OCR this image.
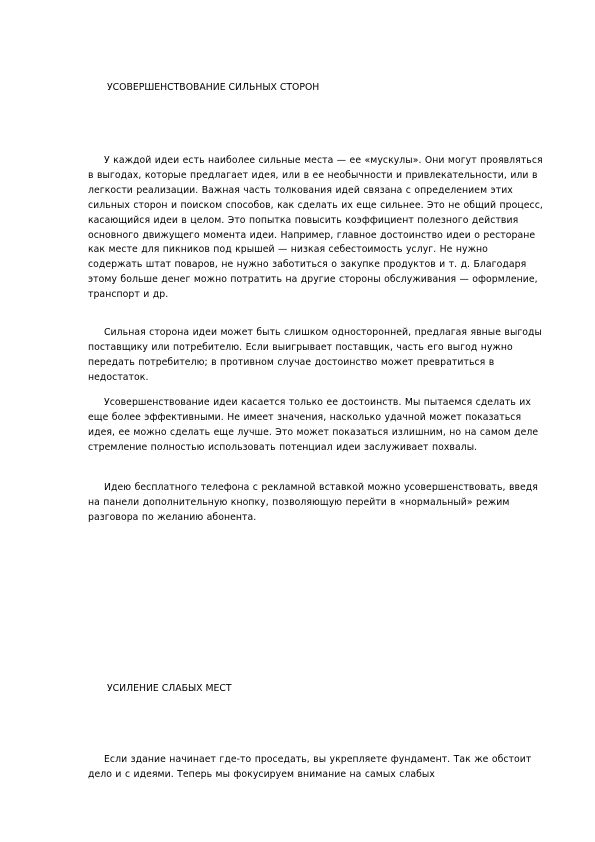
УСОВЕРШЕНСТВОВАНИЕ СИЛЬНЫХ СТОРОН

У каждой идеи есть наиболее сильные места — ее «мускулы». Они могут проявляться в выгодах, которые предлагает идея, или в ее необычности и привлекательности, или в легкости реализации. Важная часть толкования идей связана с определением этих сильных сторон и поиском способов, как сделать их еще сильнее. Это не общий процесс, касающийся идеи в целом. Это попытка повысить коэффициент полезного действия основного движущего момента идеи. Например, главное достоинство идеи о ресторане как месте для пикников под крышей — низкая себестоимость услуг. Не нужно содержать штат поваров, не нужно заботиться о закупке продуктов и т. д. Благодаря этому больше денег можно потратить на другие стороны обслуживания — оформление, транспорт и др.

Сильная сторона идеи может быть слишком односторонней, предлагая явные выгоды поставщику или потребителю. Если выигрывает поставщик, часть его выгод нужно передать потребителю; в противном случае достоинство может превратиться в недостаток.

Усовершенствование идеи касается только ее достоинств. Мы пытаемся сделать их еще более эффективными. Не имеет значения, насколько удачной может показаться идея, ее можно сделать еще лучше. Это может показаться излишним, но на самом деле стремление полностью использовать потенциал идеи заслуживает похвалы.

Идею бесплатного телефона с рекламной вставкой можно усовершенствовать, введя на панели дополнительную кнопку, позволяющую перейти в «нормальный» режим разговора по желанию абонента.

УСИЛЕНИЕ СЛАБЫХ МЕСТ

Если здание начинает где-то проседать, вы укрепляете фундамент. Так же обстоит дело и с идеями. Теперь мы фокусируем внимание на самых слабых
